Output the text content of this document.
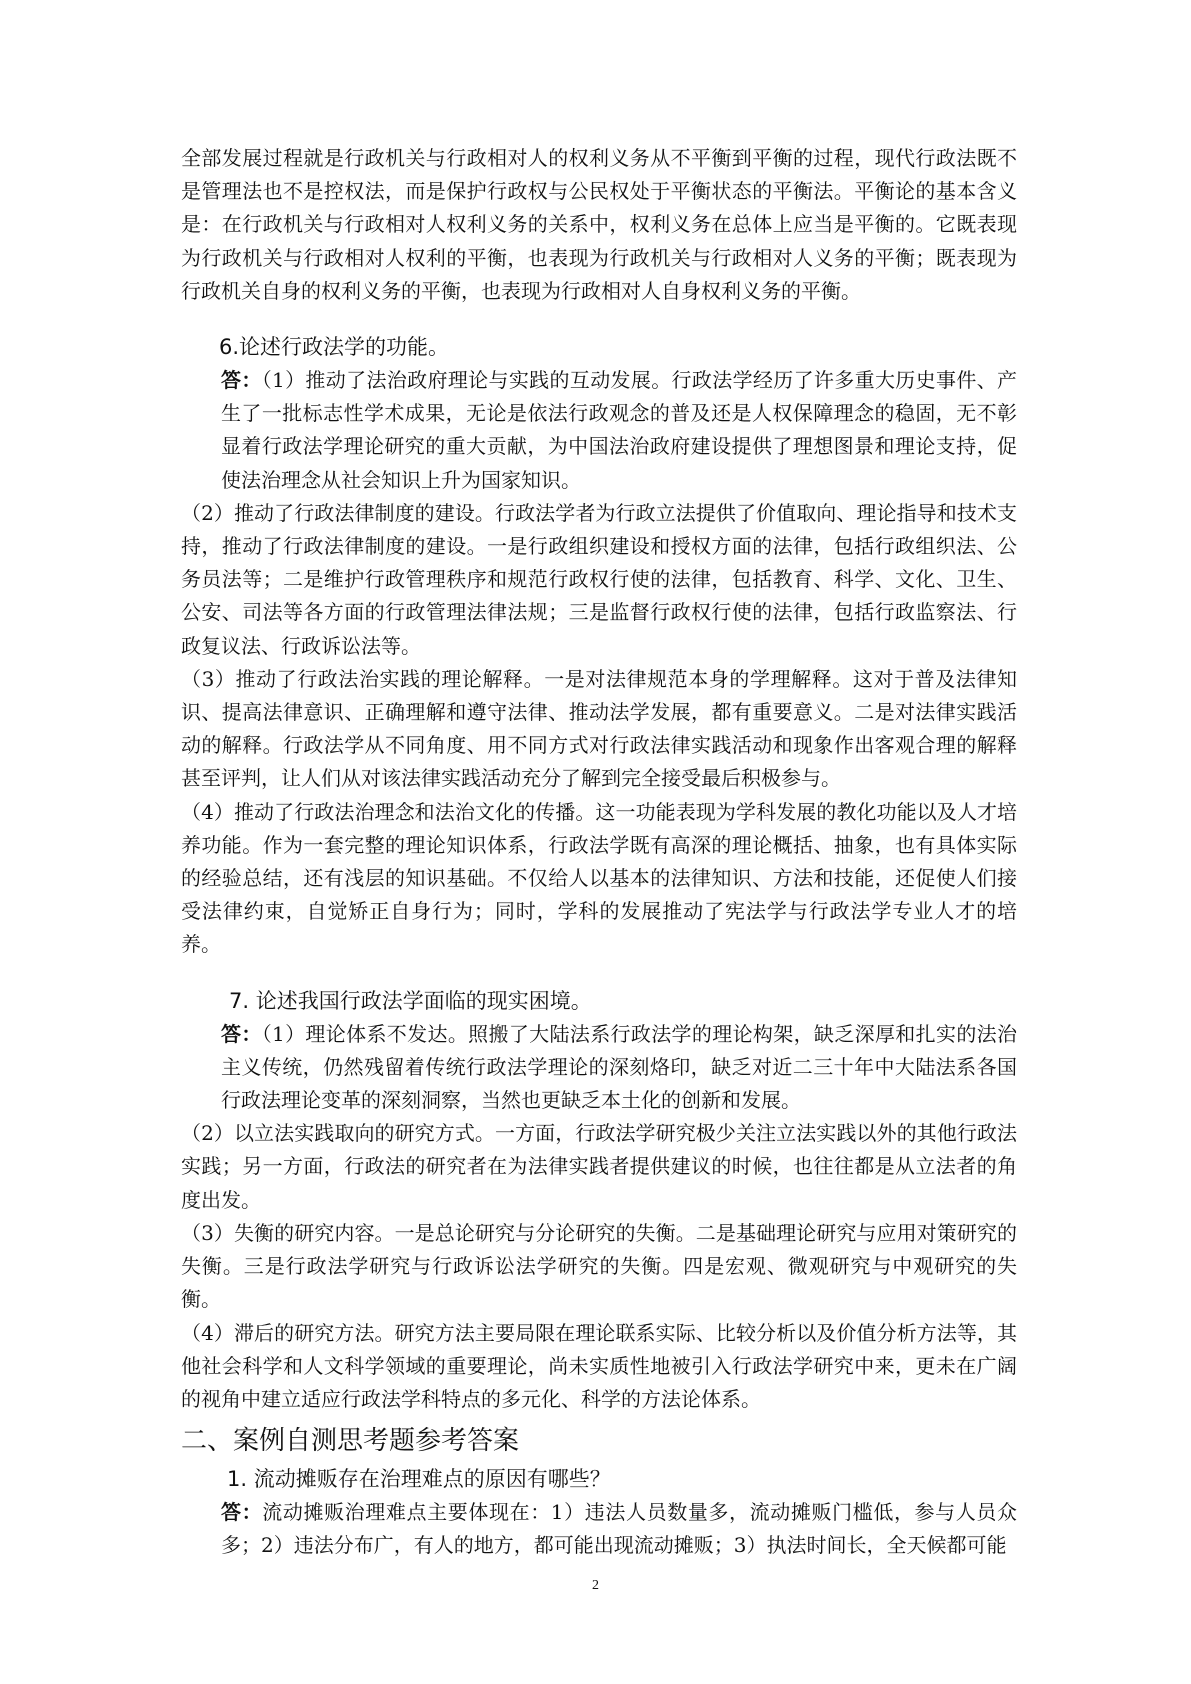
全部发展过程就是行政机关与行政相对人的权利义务从不平衡到平衡的过程，现代行政法既不是管理法也不是控权法，而是保护行政权与公民权处于平衡状态的平衡法。平衡论的基本含义是：在行政机关与行政相对人权利义务的关系中，权利义务在总体上应当是平衡的。它既表现为行政机关与行政相对人权利的平衡，也表现为行政机关与行政相对人义务的平衡；既表现为行政机关自身的权利义务的平衡，也表现为行政相对人自身权利义务的平衡。

6.论述行政法学的功能。

答：（1）推动了法治政府理论与实践的互动发展。行政法学经历了许多重大历史事件、产生了一批标志性学术成果，无论是依法行政观念的普及还是人权保障理念的稳固，无不彰显着行政法学理论研究的重大贡献，为中国法治政府建设提供了理想图景和理论支持，促使法治理念从社会知识上升为国家知识。

（2）推动了行政法律制度的建设。行政法学者为行政立法提供了价值取向、理论指导和技术支持，推动了行政法律制度的建设。一是行政组织建设和授权方面的法律，包括行政组织法、公务员法等；二是维护行政管理秩序和规范行政权行使的法律，包括教育、科学、文化、卫生、公安、司法等各方面的行政管理法律法规；三是监督行政权行使的法律，包括行政监察法、行政复议法、行政诉讼法等。

（3）推动了行政法治实践的理论解释。一是对法律规范本身的学理解释。这对于普及法律知识、提高法律意识、正确理解和遵守法律、推动法学发展，都有重要意义。二是对法律实践活动的解释。行政法学从不同角度、用不同方式对行政法律实践活动和现象作出客观合理的解释甚至评判，让人们从对该法律实践活动充分了解到完全接受最后积极参与。

（4）推动了行政法治理念和法治文化的传播。这一功能表现为学科发展的教化功能以及人才培养功能。作为一套完整的理论知识体系，行政法学既有高深的理论概括、抽象，也有具体实际的经验总结，还有浅层的知识基础。不仅给人以基本的法律知识、方法和技能，还促使人们接受法律约束，自觉矫正自身行为；同时，学科的发展推动了宪法学与行政法学专业人才的培养。

7. 论述我国行政法学面临的现实困境。

答：（1）理论体系不发达。照搬了大陆法系行政法学的理论构架，缺乏深厚和扎实的法治主义传统，仍然残留着传统行政法学理论的深刻烙印，缺乏对近二三十年中大陆法系各国行政法理论变革的深刻洞察，当然也更缺乏本土化的创新和发展。

（2）以立法实践取向的研究方式。一方面，行政法学研究极少关注立法实践以外的其他行政法实践；另一方面，行政法的研究者在为法律实践者提供建议的时候，也往往都是从立法者的角度出发。

（3）失衡的研究内容。一是总论研究与分论研究的失衡。二是基础理论研究与应用对策研究的失衡。三是行政法学研究与行政诉讼法学研究的失衡。四是宏观、微观研究与中观研究的失衡。

（4）滞后的研究方法。研究方法主要局限在理论联系实际、比较分析以及价值分析方法等，其他社会科学和人文科学领域的重要理论，尚未实质性地被引入行政法学研究中来，更未在广阔的视角中建立适应行政法学科特点的多元化、科学的方法论体系。

二、案例自测思考题参考答案
1. 流动摊贩存在治理难点的原因有哪些？

答：流动摊贩治理难点主要体现在：1）违法人员数量多，流动摊贩门槛低，参与人员众多；2）违法分布广，有人的地方，都可能出现流动摊贩；3）执法时间长，全天候都可能

2
